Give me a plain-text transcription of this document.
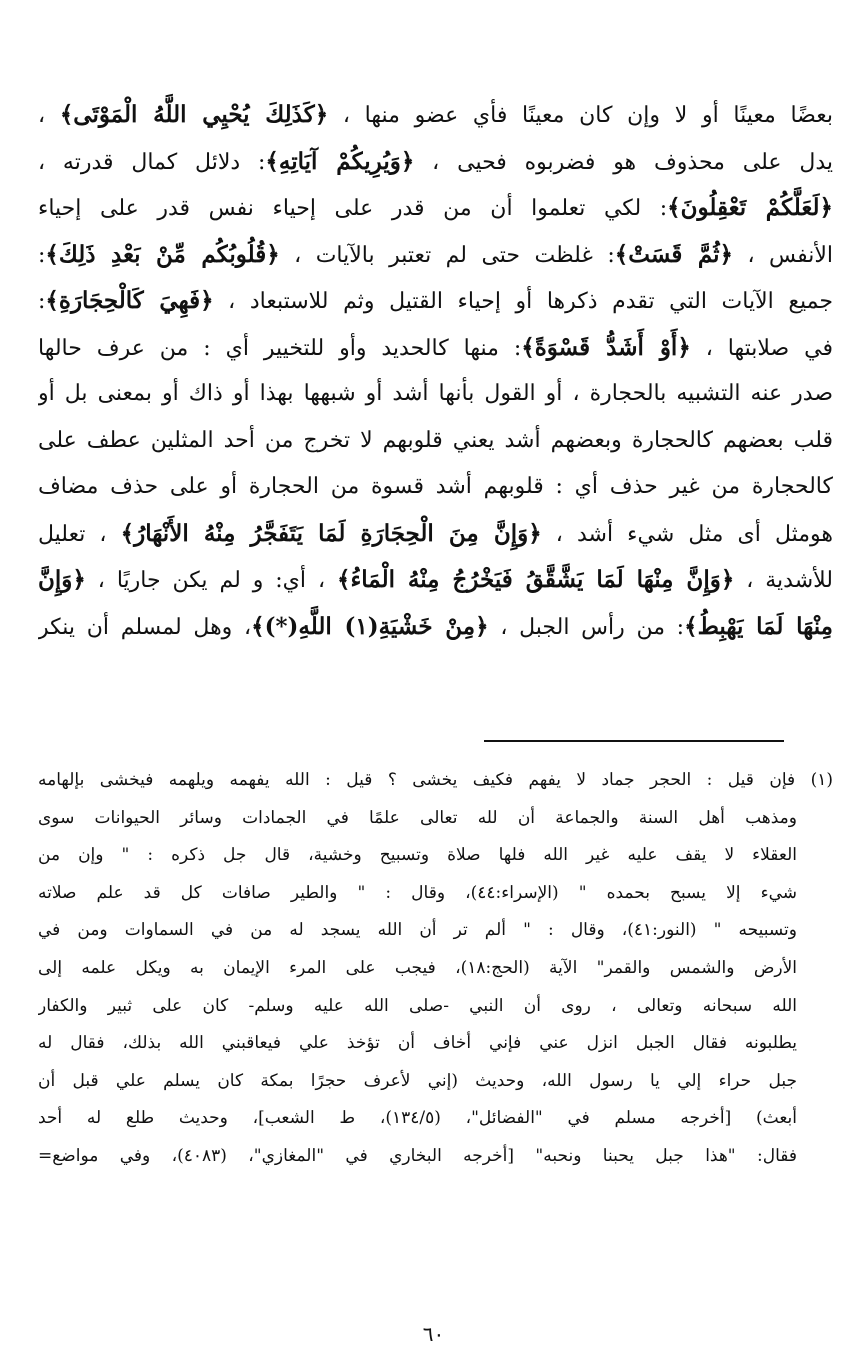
بعضًا معينًا أو لا وإن كان معينًا فأي عضو منها ، ﴿كَذَلِكَ يُحْيِي اللَّهُ الْمَوْتَى﴾ ،
يدل على محذوف هو فضربوه فحيى ، ﴿وَيُرِيكُمْ آيَاتِهِ﴾: دلائل كمال قدرته ،
﴿لَعَلَّكُمْ تَعْقِلُونَ﴾: لكي تعلموا أن من قدر على إحياء نفس قدر على إحياء
الأنفس ، ﴿ثُمَّ قَسَتْ﴾: غلظت حتى لم تعتبر بالآيات ، ﴿قُلُوبُكُم مِّنْ بَعْدِ ذَلِكَ﴾:
جميع الآيات التي تقدم ذكرها أو إحياء القتيل وثم للاستبعاد ، ﴿فَهِيَ كَالْحِجَارَةِ﴾:
في صلابتها ، ﴿أَوْ أَشَدُّ قَسْوَةً﴾: منها كالحديد وأو للتخيير أي : من عرف حالها
صدر عنه التشبيه بالحجارة ، أو القول بأنها أشد أو شبهها بهذا أو ذاك أو بمعنى بل أو
قلب بعضهم كالحجارة وبعضهم أشد يعني قلوبهم لا تخرج من أحد المثلين عطف على
كالحجارة من غير حذف أي : قلوبهم أشد قسوة من الحجارة أو على حذف مضاف
هومثل أى مثل شيء أشد ، ﴿وَإِنَّ مِنَ الْحِجَارَةِ لَمَا يَتَفَجَّرُ مِنْهُ الأَنْهَارُ﴾ ، تعليل
للأشدية ، ﴿وَإِنَّ مِنْهَا لَمَا يَشَّقَّقُ فَيَخْرُجُ مِنْهُ الْمَاءُ﴾ ، أي: و لم يكن جاريًا ، ﴿وَإِنَّ
مِنْهَا لَمَا يَهْبِطُ﴾: من رأس الجبل ، ﴿مِنْ خَشْيَةِ(١) اللَّهِ(*)﴾، وهل لمسلم أن ينكر
(١) فإن قيل : الحجر جماد لا يفهم فكيف يخشى ؟ قيل : الله يفهمه ويلهمه فيخشى بإلهامه
ومذهب أهل السنة والجماعة أن لله تعالى علمًا في الجمادات وسائر الحيوانات سوى
العقلاء لا يقف عليه غير الله فلها صلاة وتسبيح وخشية، قال جل ذكره : " وإن من
شيء إلا يسبح بحمده " (الإسراء:٤٤)، وقال : " والطير صافات كل قد علم صلاته
وتسبيحه " (النور:٤١)، وقال : " ألم تر أن الله يسجد له من في السماوات ومن في
الأرض والشمس والقمر" الآية (الحج:١٨)، فيجب على المرء الإيمان به ويكل علمه إلى
الله سبحانه وتعالى ، روى أن النبي -صلى الله عليه وسلم- كان على ثبير والكفار
يطلبونه فقال الجبل انزل عني فإني أخاف أن تؤخذ علي فيعاقبني الله بذلك، فقال له
جبل حراء إلي يا رسول الله، وحديث (إني لأعرف حجرًا بمكة كان يسلم علي قبل أن
أبعث) [أخرجه مسلم في "الفضائل"، (١٣٤/٥)، ط الشعب]، وحديث طلع له أحد
فقال: "هذا جبل يحبنا ونحبه" [أخرجه البخاري في "المغازي"، (٤٠٨٣)، وفي مواضع=
٦٠
